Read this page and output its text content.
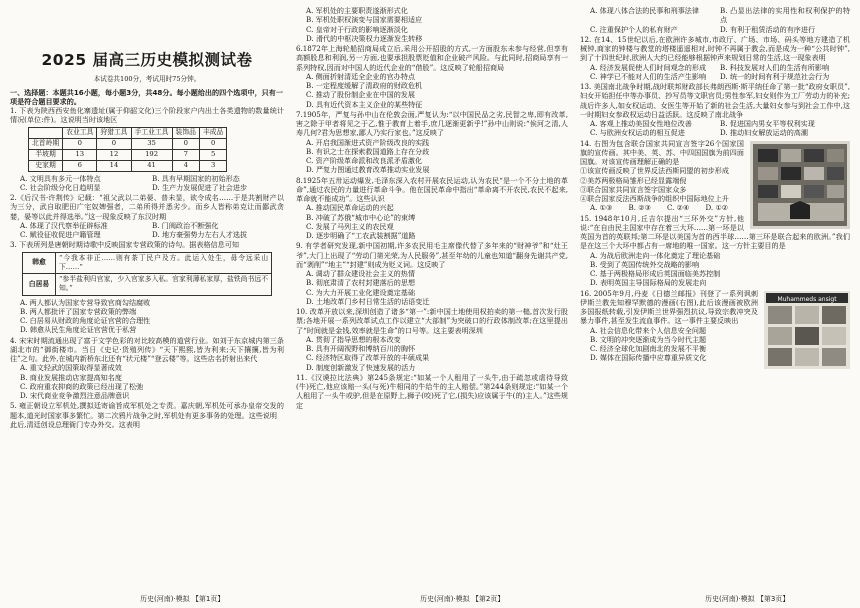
2025 届高三历史模拟测试卷
本试卷共100分，考试用时75分钟。

一、选择题：本题共16小题，每小题3分，共48分。每小题给出的四个选项中，只有一项是符合题目要求的。

1. 下表为陕西西安鱼化寨遗址(属于仰韶文化)三个阶段家户内出土各类遗物的数量统计情况(单位:件)。这说明当时该地区

	农业工具	狩猎工具	手工业工具	装饰品	丰成品
北首岭期	0	0	35	0	0
半坡期	13	12	192	7	5
史家期	6	14	41	4	3
A. 文明具有多元一体特点	B. 具有早期国家的初始形态
C. 社会阶级分化日趋明显	D. 生产力发展促进了社会进步

2.《后汉书·许荆传》记载：“祖父武以二弟晏、普未显，欲令成名……于是共割财产以为三分，武自取肥田广宅奴婢强者，二弟所得并悉劣少。而乡人皆称弟克让而鄙武贪婪，晏等以此并得选举。”这一现象反映了东汉时期

A. 体现了汉代察举征辟标准	B. 门阀政治不断强化
C. 赋役征收促进户籍管理	D. 地方豪强势力左右人才选拔

3. 下表所列是唐朝时期诗歌中反映国家专营政策的诗句。据表格信息可知

韩愈	“今我本非正……则有茶丁民户及方。此运入处生，毋令远采山下……”
白居易	“参半盐利归官家，少入官家多入私。官家利薄私家厚，盐铁尚书远不知。”

A. 两人都认为国家专营导致官商勾结腐败

B. 两人都批评了国家专营政策的弊端

C. 白居易从财政的角度论证官营的合理性

D. 韩愈从民生角度论证官营优于私营

4. 宋宋时期流通出现了富于文学色彩的对比较高模的道营行业。如刘于东京城内第三条湖北市的“御街楼市。当日《史记·货殖列传》“天下熙熙,皆为利来;天下攘攘,皆为利往”之句。此外,在城内新桥东北还有“状元楼”“登云楼”等。这些店名折射出来代

A. 重文轻武的国策取得显著成效

B. 商业发展推动店家提高知名度

C. 政府重农抑商的政策已经出现了松弛

D. 宋代商业竞争激烈注意品牌意识

5. 雍正朝设立军机处,撰拟廷寄谕旨成军机处之专责。嘉庆朝,军机处可承办皇帝交发的题本,道光时国家事多繁忙。第二次鸦片战争之时,军机处有更多事务的处理。这些说明

此后,清廷创设总理衙门专办外交。这表明

A. 军机处的主要职责遂渐形式化

B. 军机处职权演变与国家需要相适应

C. 皇帝对于行政的影响逐渐淡化

D. 滑代的中枢决策权力逐渐发生转移

6.1872年上海轮船招商局成立后,采用公开招股的方式,一方面股东未参与经营,但享有高额股息和利润,另一方面,也要承担股票贬值和企业破产风险。与此同时,招商局享有一系列特权,因而对中国人的近代企业的“借股”。这反映了轮船招商局

A. 侧面折射清廷全企业的官办特点

B. 一定程度缓解了清政府的财政危机

C. 推动了股份制企业在中国的发展

D. 具有近代资本主义企业的某些特征

7.1905年，严复与孙中山在伦敦会面,严复认为:“以中国民品之劣,民智之卑,即有改革,害之除于甲者将见之于乙,惟于教育上着手,庶几逐渐更新乎!”孙中山则说:“俟河之清,人寿几何?君为思想家,鄙人乃实行家也。”这反映了

A. 开启我国渐进式资产阶级改良的实践

B. 有识之士在探索救国道路上存在分歧

C. 资产阶级革命派和改良派矛盾激化

D. 严复力图通过教育改革推动实业发展

8.1925年五卅运动爆发,毛泽东深入农村开展农民运动,认为农民“是一个不分土地的革命”,通过农民的力量进行革命斗争。他在国民革命中指出“革命离不开农民,农民不起来,革命就不能成功”。这些认识

A. 推动国民革命运动的兴起

B. 冲破了苏俄“城市中心论”的束缚

C. 发展了马列主义的农民观

D. 逐步明确了“工农武装割据”道路

9. 有学者研究发现,新中国初期,许多农民用毛主席像代替了多年来的“财神爷”和“灶王爷”,大门上出现了“劳动门第光荣,为人民服务”,甚至年幼的儿童也知道“翻身先谢共产党,而“剥削”“地主”“封建”则成为贬义词。这反映了

A. 调动了群众建设社会主义的热情

B. 彻底肃清了农村封建落后的思想

C. 为大力开展工业化建设奠定基础

D. 土地改革门乡村日常生活的话语变迁

10. 改革开放以来,深圳创造了诸多“第一”:新中国土地使用权拍卖的第一槌,首次发行股票;各地开展一系列改革试点工作以建立“大部制”为突破口的行政体制改革;在这里提出了“时间就是金钱,效率就是生命”的口号等。这主要表明深圳

A. 贯彻了指导思想的根本改变

B. 具有开阔视野和博纳百川的胸怀

C. 经济特区取得了改革开放的丰硕成果

D. 制度创新激发了快速发展的活力

11.《汉谟拉比法典》第245条规定:“如某一个人租用了一头牛,由于疏忽或虐待导致(牛)死亡,他应该赔一头(与死)牛相同的牛给牛的主人赔偿。”第244条则规定:“如某一个人租用了一头牛或驴,但是在原野上,狮子(咬)死了它,(损失)应该属于牛(的)主人。”这些规定

A. 体现八体合法的民事和刑事法律	B. 凸显出法律的实用性和权利保护的特点
C. 注重保护个人的私有财产	D. 有利于租赁活动的有序进行

12. 在14、15世纪以后,在欧洲许多城市,市政厅、广场、市场、码头等地方建造了机械钟,商家的钟楼与教堂的塔楼遥遥相对,时钟不再属于教会,而是成为一种“公共时钟”,到了十四世纪时,欧洲人大约已经能够根据钟声来规划日常的生活,这一现象表明

A. 经济发展促使人们时间观念的形成	B. 科技发展对人们的生活有所影响
C. 神学已不能对人们的生活产生影响	D. 统一的时间有利于规范社会行为

13. 美国南北战争时期,战时联邦财政部长弗朗西斯·斯平纳任命了第一批“政府女职员”,妇女开始担任中等办事员、抄写员等文职官员;男性参军,妇女则作为工厂劳动力的补充;战后许多人,如女权运动、女医生等开始了新的社会生活,大量妇女参与到社会工作中,这一时期妇女参政权运动日益活跃。这反映了南北战争

A. 客观上推动美国女性地位改善	B. 促进国内男女平等权利实现
C. 与欧洲女权运动的相互促进	D. 推动妇女解放运动的高潮

14. 右图为包含联合国家共同宣言签字26个国家国旗的宣传画。其中美、英、苏、中四国国旗为前四面国旗。对该宣传画理解正确的是

①该宣传画反映了世界反法西斯同盟的初步形成

②美苏两极格局雏形已经显露端倪

③联合国家共同宣言签字国家众多

④联合国家反法西斯战争的组织中国际地位上升

A. ①③	B. ②③	C. ②④	D. ①②

15. 1948年10月,丘吉尔提出“三环外交”方针,他说:“在自由民主国家中存在着三大环……第一环是以英国为首的英联邦;第二环是以美国为首的西半球……第三环是联合起来的欧洲。”我们是在这三个大环中都占有一席地的唯一国家。这一方针主要目的是

A. 为战后欧洲走向一体化奠定了理论基础

B. 受到了英国传统外交战略的影响

C. 基于两极格局形成后英国面临美苏控制

D. 表明英国主导国际格局的发展走向

Muhammeds ansigt

16. 2005年9月,丹麦《日德兰邮报》刊登了一系列讽刺伊斯兰教先知穆罕默德的漫画(右图),此后该漫画被欧洲多国报纸转载,引发伊斯兰世界强烈抗议,导致宗教冲突及暴力事件,甚至发生流血事件。这一事件主要反映出

A. 社会信息化带来个人信息安全问题

B. 文明的冲突逐渐成为当今时代主题

C. 经济全球化加剧南北的发展不平衡

D. 媒体在国际传播中应尊重异质文化

历史(河南)·模拟 【第1页】	历史(河南)·模拟 【第2页】	历史(河南)·模拟 【第3页】
